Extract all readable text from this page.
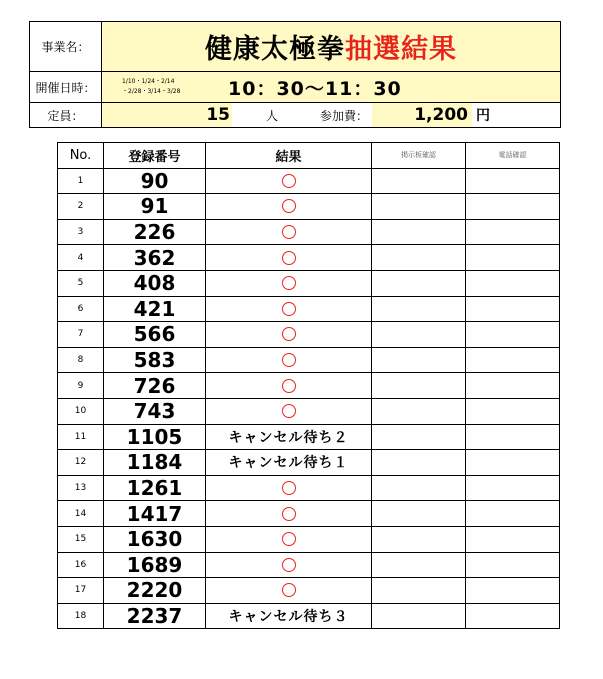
事業名：	健康太極拳 抽選結果
開催日時：	1/10・1/24・2/14
・2/28・3/14・3/28	10：30〜11：30
定員：	15	人	参加費：	1,200 円
No.	登録番号	結果	掲示板確認	電話確認
1	90			
2	91			
3	226			
4	362			
5	408			
6	421			
7	566			
8	583			
9	726			
10	743			
11	1105	キャンセル待ち２		
12	1184	キャンセル待ち１		
13	1261			
14	1417			
15	1630			
16	1689			
17	2220			
18	2237	キャンセル待ち３		
